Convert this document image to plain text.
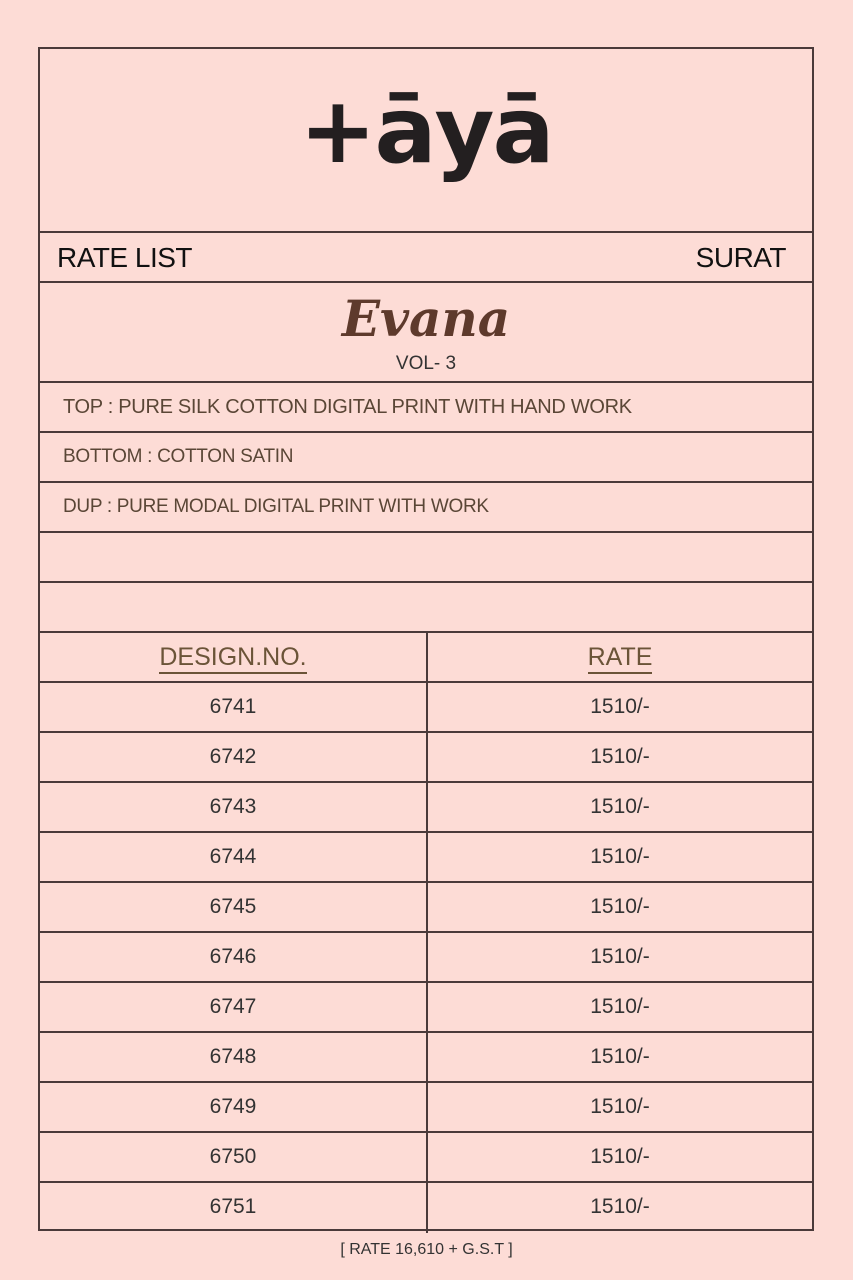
+āyā
RATE LIST	SURAT
Evana
VOL- 3
TOP : PURE SILK COTTON DIGITAL PRINT WITH HAND WORK
BOTTOM : COTTON SATIN
DUP : PURE MODAL DIGITAL PRINT WITH WORK
DESIGN.NO.	RATE
6741	1510/-
6742	1510/-
6743	1510/-
6744	1510/-
6745	1510/-
6746	1510/-
6747	1510/-
6748	1510/-
6749	1510/-
6750	1510/-
6751	1510/-
[ RATE 16,610 + G.S.T ]
